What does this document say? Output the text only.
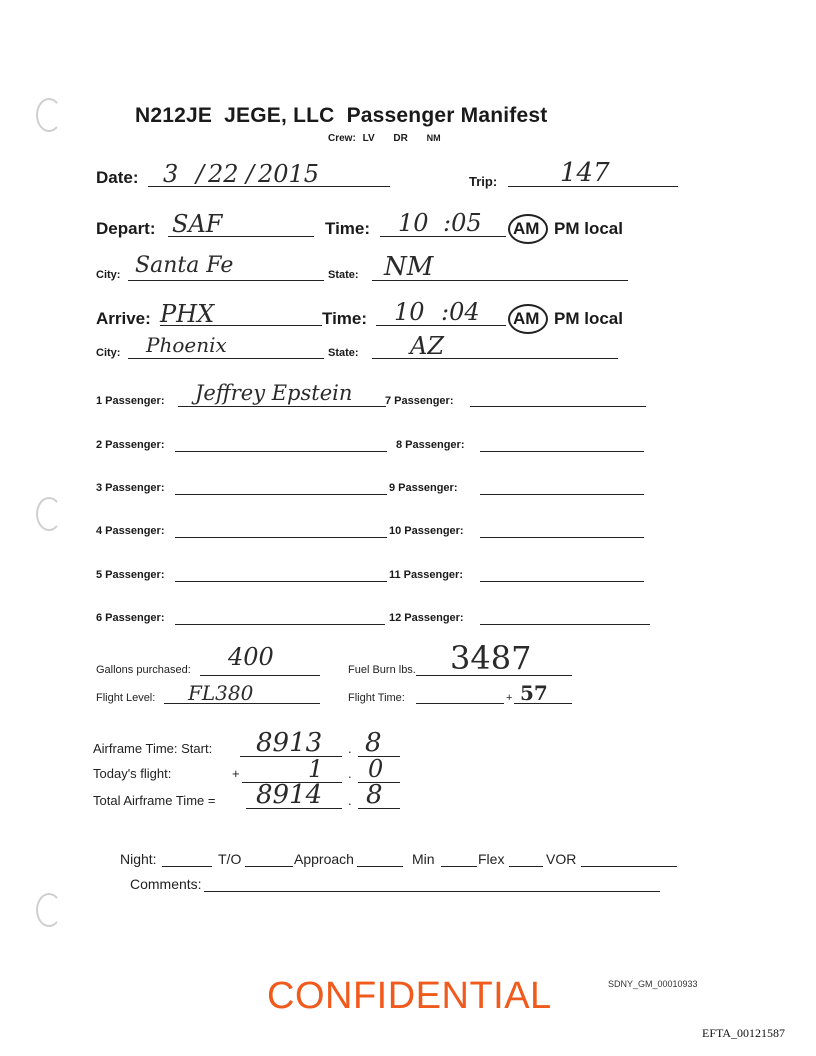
N212JE JEGE, LLC Passenger Manifest
Crew: LV DR NM
Date: 3 / 22 / 2015	Trip: 147
Depart: SAF	Time: 10 :05 AM PM local
City: Santa Fe	State: NM
Arrive: PHX	Time: 10 :04 AM PM local
City: Phoenix	State: AZ
1 Passenger: Jeffrey Epstein
2 Passenger:
3 Passenger:
4 Passenger:
5 Passenger:
6 Passenger:
7 Passenger:
8 Passenger:
9 Passenger:
10 Passenger:
11 Passenger:
12 Passenger:
Gallons purchased: 400	Fuel Burn lbs. 3487
Flight Level: FL380	Flight Time:	+ 57
Airframe Time: Start: 8913 . 8
Today's flight:	+	1 . 0
Total Airframe Time = 8914 . 8
Night:	T/O	Approach	Min	Flex	VOR
Comments:
CONFIDENTIAL	SDNY_GM_00010933
EFTA_00121587
